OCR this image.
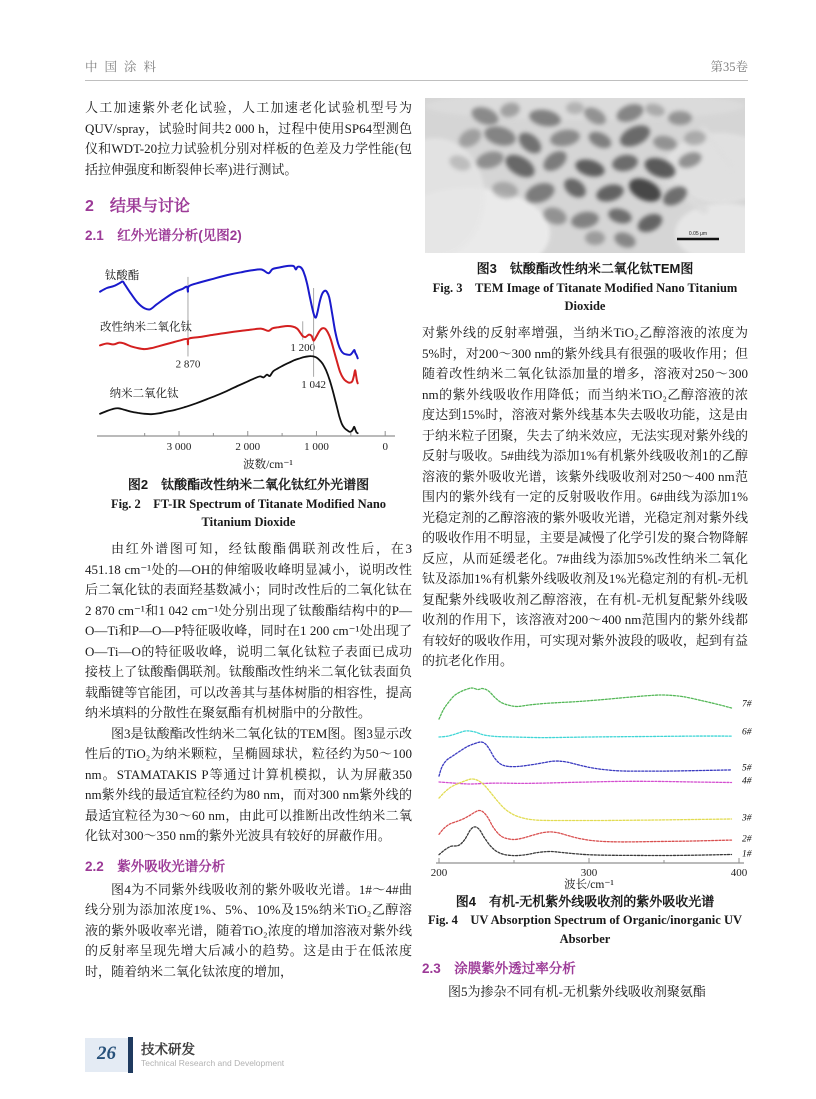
中国涂料	第35卷

人工加速紫外老化试验，人工加速老化试验机型号为QUV/spray，试验时间共2 000 h，过程中使用SP64型测色仪和WDT-20拉力试验机分别对样板的色差及力学性能(包括拉伸强度和断裂伸长率)进行测试。

2　结果与讨论
2.1　红外光谱分析(见图2)
3 000	2 000	1 000	0
2 870
1 200
1 042
钛酸酯
改性纳米二氧化钛
纳米二氧化钛
波数/cm⁻¹
图2　钛酸酯改性纳米二氧化钛红外光谱图
Fig. 2　FT-IR Spectrum of Titanate Modified Nano Titanium Dioxide

由红外谱图可知，经钛酸酯偶联剂改性后，在3 451.18 cm⁻¹处的—OH的伸缩吸收峰明显减小，说明改性后二氧化钛的表面羟基数减小；同时改性后的二氧化钛在2 870 cm⁻¹和1 042 cm⁻¹处分别出现了钛酸酯结构中的P—O—Ti和P—O—P特征吸收峰，同时在1 200 cm⁻¹处出现了O—Ti—O的特征吸收峰，说明二氧化钛粒子表面已成功接枝上了钛酸酯偶联剂。钛酸酯改性纳米二氧化钛表面负载酯键等官能团，可以改善其与基体树脂的相容性，提高纳米填料的分散性在聚氨酯有机树脂中的分散性。

图3是钛酸酯改性纳米二氧化钛的TEM图。图3显示改性后的TiO₂为纳米颗粒，呈椭圆球状，粒径约为50～100 nm。STAMATAKIS P等通过计算机模拟，认为屏蔽350 nm紫外线的最适宜粒径约为80 nm，而对300 nm紫外线的最适宜粒径为30～60 nm，由此可以推断出改性纳米二氧化钛对300～350 nm的紫外光波具有较好的屏蔽作用。

2.2　紫外吸收光谱分析

图4为不同紫外线吸收剂的紫外吸收光谱。1#～4#曲线分别为添加浓度1%、5%、10%及15%纳米TiO₂乙醇溶液的紫外吸收率光谱，随着TiO₂浓度的增加溶液对紫外线的反射率呈现先增大后减小的趋势。这是由于在低浓度时，随着纳米二氧化钛浓度的增加，

0.05 μm
图3　钛酸酯改性纳米二氧化钛TEM图
Fig. 3　TEM Image of Titanate Modified Nano Titanium Dioxide

对紫外线的反射率增强，当纳米TiO₂乙醇溶液的浓度为5%时，对200～300 nm的紫外线具有很强的吸收作用；但随着改性纳米二氧化钛添加量的增多，溶液对250～300 nm的紫外线吸收作用降低；而当纳米TiO₂乙醇溶液的浓度达到15%时，溶液对紫外线基本失去吸收功能，这是由于纳米粒子团聚，失去了纳米效应，无法实现对紫外线的反射与吸收。5#曲线为添加1%有机紫外线吸收剂1的乙醇溶液的紫外吸收光谱，该紫外线吸收剂对250～400 nm范围内的紫外线有一定的反射吸收作用。6#曲线为添加1%光稳定剂的乙醇溶液的紫外吸收光谱，光稳定剂对紫外线的吸收作用不明显，主要是减慢了化学引发的聚合物降解反应，从而延缓老化。7#曲线为添加5%改性纳米二氧化钛及添加1%有机紫外线吸收剂及1%光稳定剂的有机-无机复配紫外线吸收剂乙醇溶液，在有机-无机复配紫外线吸收剂的作用下，该溶液对200～400 nm范围内的紫外线都有较好的吸收作用，可实现对紫外波段的吸收，起到有益的抗老化作用。

200	300	400
7#
6#
5#
4#
3#
2#
1#
波长/cm⁻¹
图4　有机-无机紫外线吸收剂的紫外吸收光谱
Fig. 4　UV Absorption Spectrum of Organic/inorganic UV Absorber
2.3　涂膜紫外透过率分析

图5为掺杂不同有机-无机紫外线吸收剂聚氨酯

26	技术研发
Technical Research and Development
